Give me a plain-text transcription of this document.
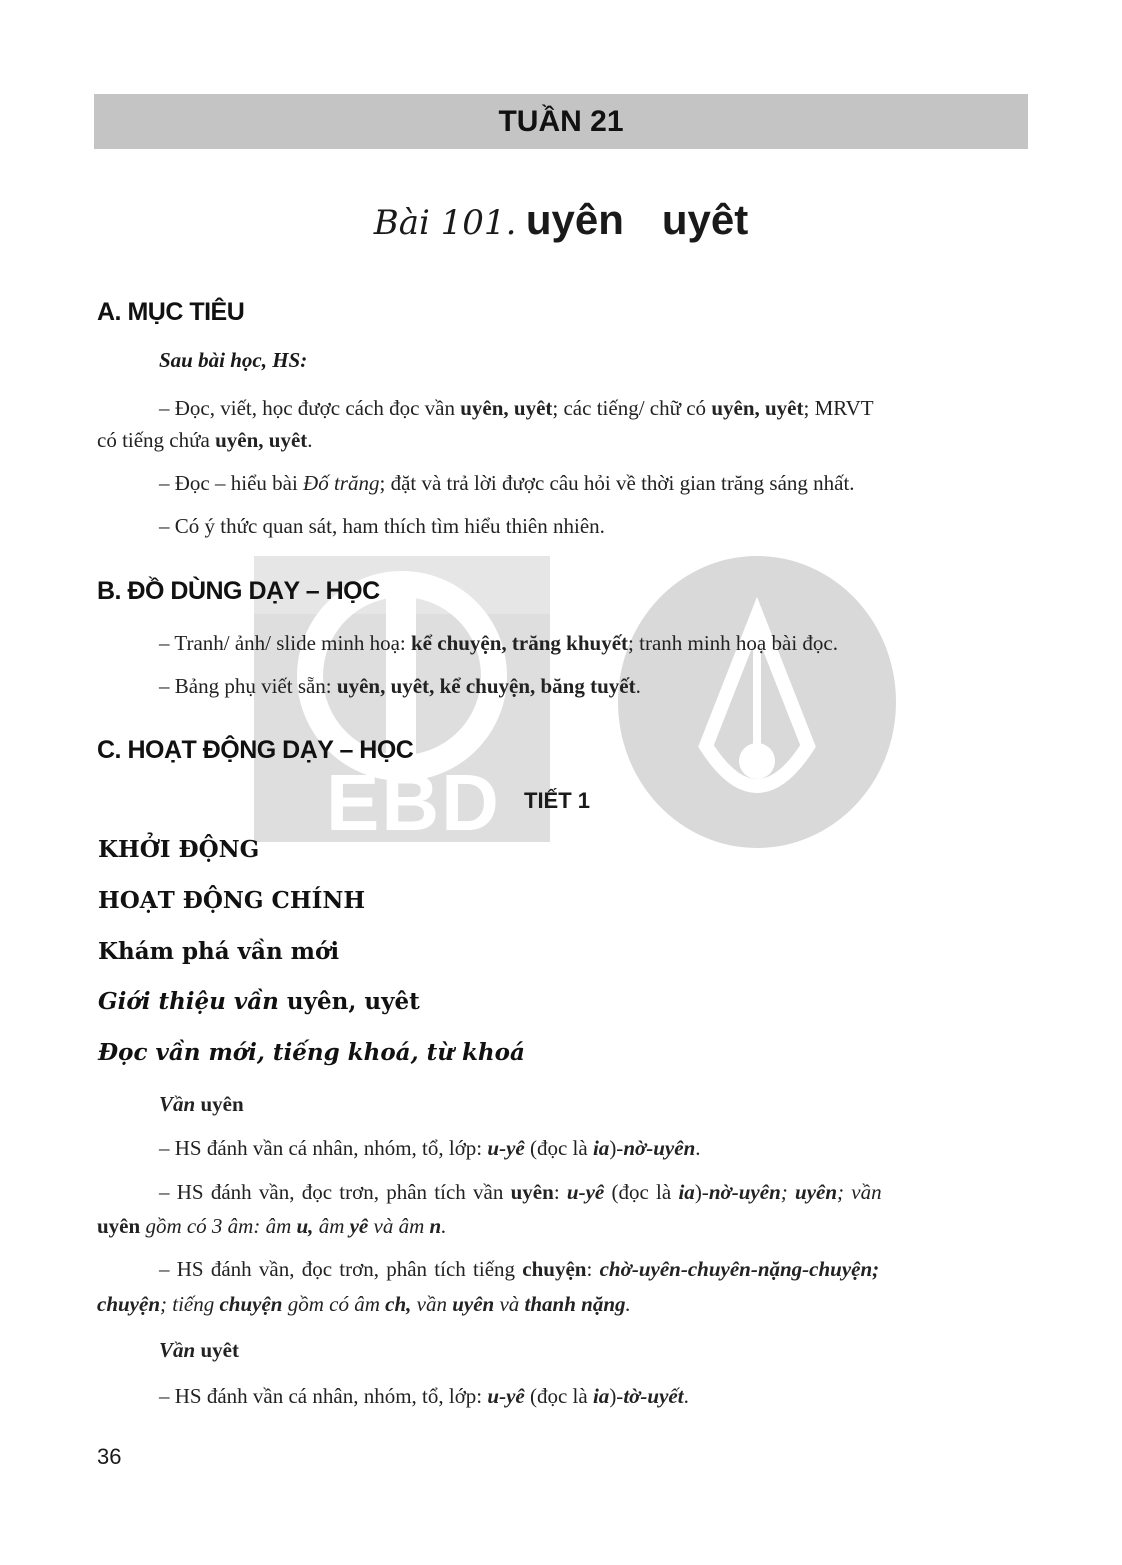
EBD
TUẦN 21
Bài 101. uyên uyêt
A. MỤC TIÊU
Sau bài học, HS:
– Đọc, viết, học được cách đọc vần uyên, uyêt; các tiếng/ chữ có uyên, uyêt; MRVT
có tiếng chứa uyên, uyêt.
– Đọc – hiểu bài Đố trăng; đặt và trả lời được câu hỏi về thời gian trăng sáng nhất.
– Có ý thức quan sát, ham thích tìm hiểu thiên nhiên.
B. ĐỒ DÙNG DẠY – HỌC
– Tranh/ ảnh/ slide minh hoạ: kể chuyện, trăng khuyết; tranh minh hoạ bài đọc.
– Bảng phụ viết sẵn: uyên, uyêt, kể chuyện, băng tuyết.
C. HOẠT ĐỘNG DẠY – HỌC
TIẾT 1
KHỞI ĐỘNG
HOẠT ĐỘNG CHÍNH
Khám phá vần mới
Giới thiệu vần uyên, uyêt
Đọc vần mới, tiếng khoá, từ khoá
Vần uyên
– HS đánh vần cá nhân, nhóm, tổ, lớp: u-yê (đọc là ia)-nờ-uyên.
– HS đánh vần, đọc trơn, phân tích vần uyên: u-yê (đọc là ia)-nờ-uyên; uyên; vần
uyên gồm có 3 âm: âm u, âm yê và âm n.
– HS đánh vần, đọc trơn, phân tích tiếng chuyện: chờ-uyên-chuyên-nặng-chuyện;
chuyện; tiếng chuyện gồm có âm ch, vần uyên và thanh nặng.
Vần uyêt
– HS đánh vần cá nhân, nhóm, tổ, lớp: u-yê (đọc là ia)-tờ-uyết.
36
